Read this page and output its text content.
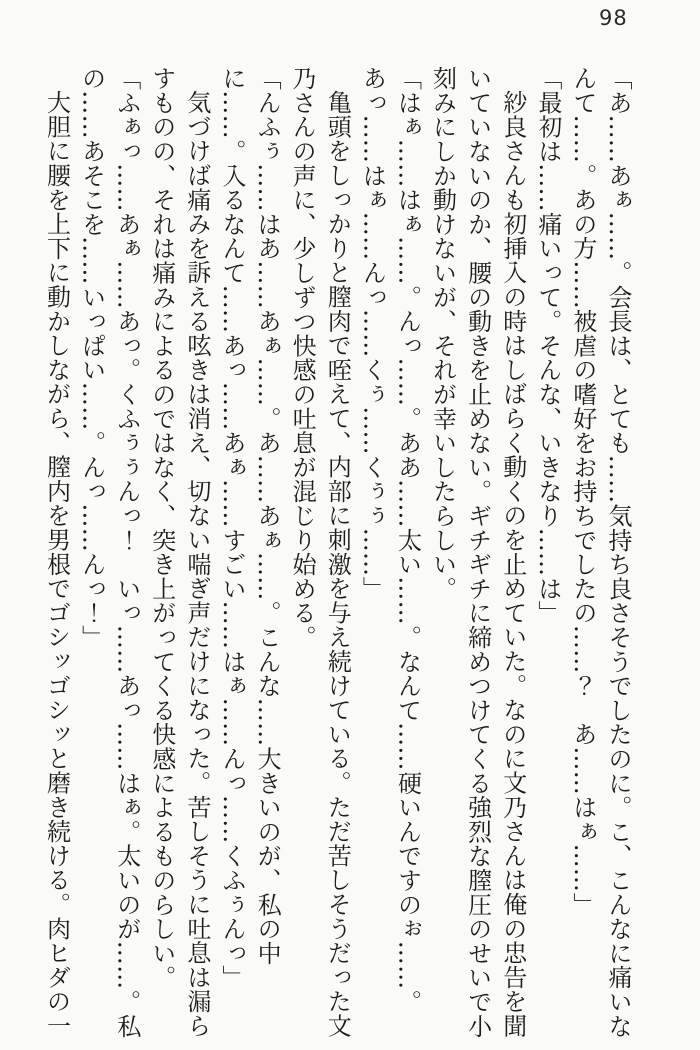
98

「あ……あぁ……。会長は、とても……気持ち良さそうでしたのに。こ、こんなに痛いなんて……。あの方……被虐の嗜好をお持ちでしたの……？　あ……はぁ……」

「最初は……痛いって。そんな、いきなり……は」

紗良さんも初挿入の時はしばらく動くのを止めていた。なのに文乃さんは俺の忠告を聞いていないのか、腰の動きを止めない。ギチギチに締めつけてくる強烈な膣圧のせいで小刻みにしか動けないが、それが幸いしたらしい。

「はぁ……はぁ……。んっ……。ああ……太い……。なんて……硬いんですのぉ……。あっ……はぁ……んっ……くぅ……くぅぅ……」

亀頭をしっかりと膣肉で咥えて、内部に刺激を与え続けている。ただ苦しそうだった文乃さんの声に、少しずつ快感の吐息が混じり始める。

「んふぅ……はあ……あぁ……。あ……あぁ……。こんな……大きいのが、私の中に……。入るなんて……あっ……あぁ……すごい……はぁ……んっ……くふぅんっ」

気づけば痛みを訴える呟きは消え、切ない喘ぎ声だけになった。苦しそうに吐息は漏らすものの、それは痛みによるのではなく、突き上がってくる快感によるものらしい。

「ふぁっ……あぁ……あっ。くふぅぅんっ！　いっ……あっ……はぁ。太いのが……。私の……あそこを……いっぱい……。んっ……んっ！」

大胆に腰を上下に動かしながら、膣内を男根でゴシッゴシッと磨き続ける。肉ヒダの一
